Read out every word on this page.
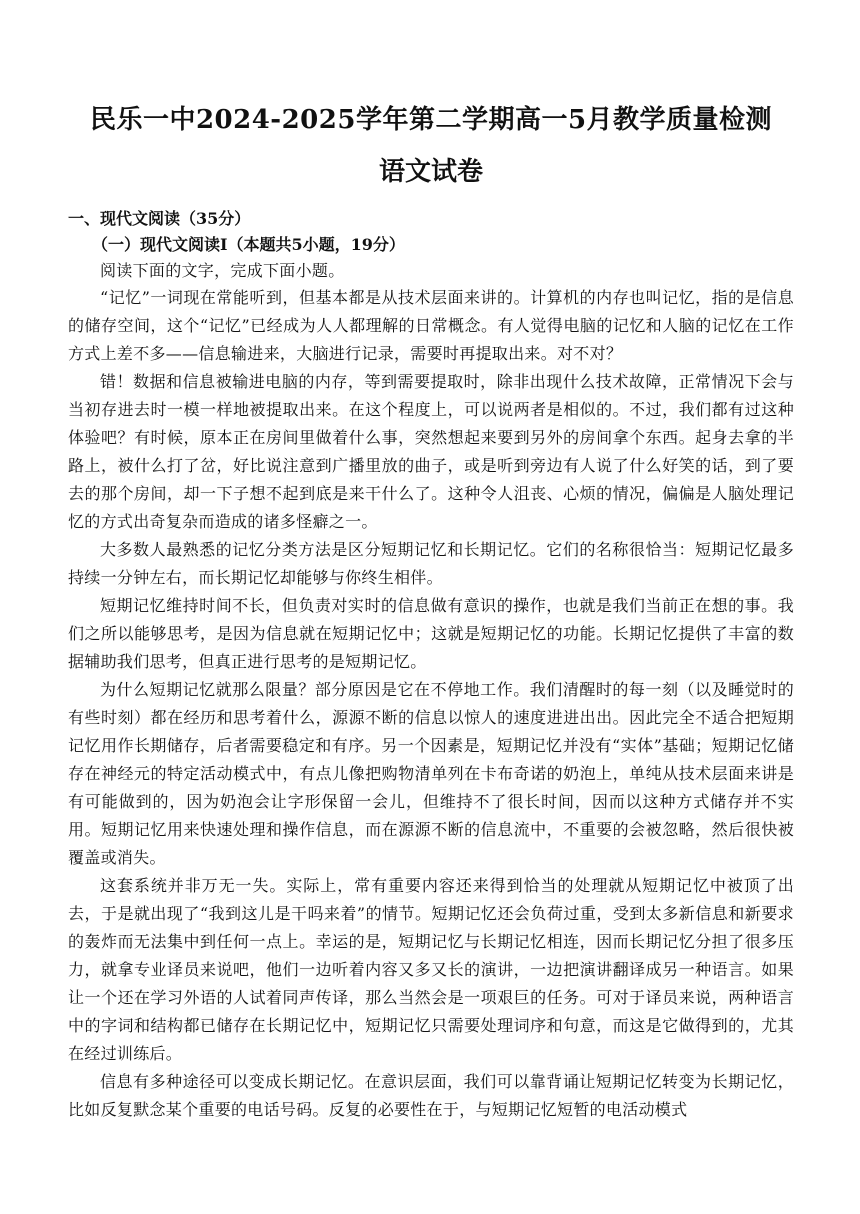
民乐一中2024-2025学年第二学期高一5月教学质量检测
语文试卷
一、现代文阅读（35分）
（一）现代文阅读Ⅰ（本题共5小题，19分）

阅读下面的文字，完成下面小题。

“记忆”一词现在常能听到，但基本都是从技术层面来讲的。计算机的内存也叫记忆，指的是信息的储存空间，这个“记忆”已经成为人人都理解的日常概念。有人觉得电脑的记忆和人脑的记忆在工作方式上差不多——信息输进来，大脑进行记录，需要时再提取出来。对不对？

错！数据和信息被输进电脑的内存，等到需要提取时，除非出现什么技术故障，正常情况下会与当初存进去时一模一样地被提取出来。在这个程度上，可以说两者是相似的。不过，我们都有过这种体验吧？有时候，原本正在房间里做着什么事，突然想起来要到另外的房间拿个东西。起身去拿的半路上，被什么打了岔，好比说注意到广播里放的曲子，或是听到旁边有人说了什么好笑的话，到了要去的那个房间，却一下子想不起到底是来干什么了。这种令人沮丧、心烦的情况，偏偏是人脑处理记忆的方式出奇复杂而造成的诸多怪癖之一。

大多数人最熟悉的记忆分类方法是区分短期记忆和长期记忆。它们的名称很恰当：短期记忆最多持续一分钟左右，而长期记忆却能够与你终生相伴。

短期记忆维持时间不长，但负责对实时的信息做有意识的操作，也就是我们当前正在想的事。我们之所以能够思考，是因为信息就在短期记忆中；这就是短期记忆的功能。长期记忆提供了丰富的数据辅助我们思考，但真正进行思考的是短期记忆。

为什么短期记忆就那么限量？部分原因是它在不停地工作。我们清醒时的每一刻（以及睡觉时的有些时刻）都在经历和思考着什么，源源不断的信息以惊人的速度进进出出。因此完全不适合把短期记忆用作长期储存，后者需要稳定和有序。另一个因素是，短期记忆并没有“实体”基础；短期记忆储存在神经元的特定活动模式中，有点儿像把购物清单列在卡布奇诺的奶泡上，单纯从技术层面来讲是有可能做到的，因为奶泡会让字形保留一会儿，但维持不了很长时间，因而以这种方式储存并不实用。短期记忆用来快速处理和操作信息，而在源源不断的信息流中，不重要的会被忽略，然后很快被覆盖或消失。

这套系统并非万无一失。实际上，常有重要内容还来得到恰当的处理就从短期记忆中被顶了出去，于是就出现了“我到这儿是干吗来着”的情节。短期记忆还会负荷过重，受到太多新信息和新要求的轰炸而无法集中到任何一点上。幸运的是，短期记忆与长期记忆相连，因而长期记忆分担了很多压力，就拿专业译员来说吧，他们一边听着内容又多又长的演讲，一边把演讲翻译成另一种语言。如果让一个还在学习外语的人试着同声传译，那么当然会是一项艰巨的任务。可对于译员来说，两种语言中的字词和结构都已储存在长期记忆中，短期记忆只需要处理词序和句意，而这是它做得到的，尤其在经过训练后。

信息有多种途径可以变成长期记忆。在意识层面，我们可以靠背诵让短期记忆转变为长期记忆，比如反复默念某个重要的电话号码。反复的必要性在于，与短期记忆短暂的电活动模式
